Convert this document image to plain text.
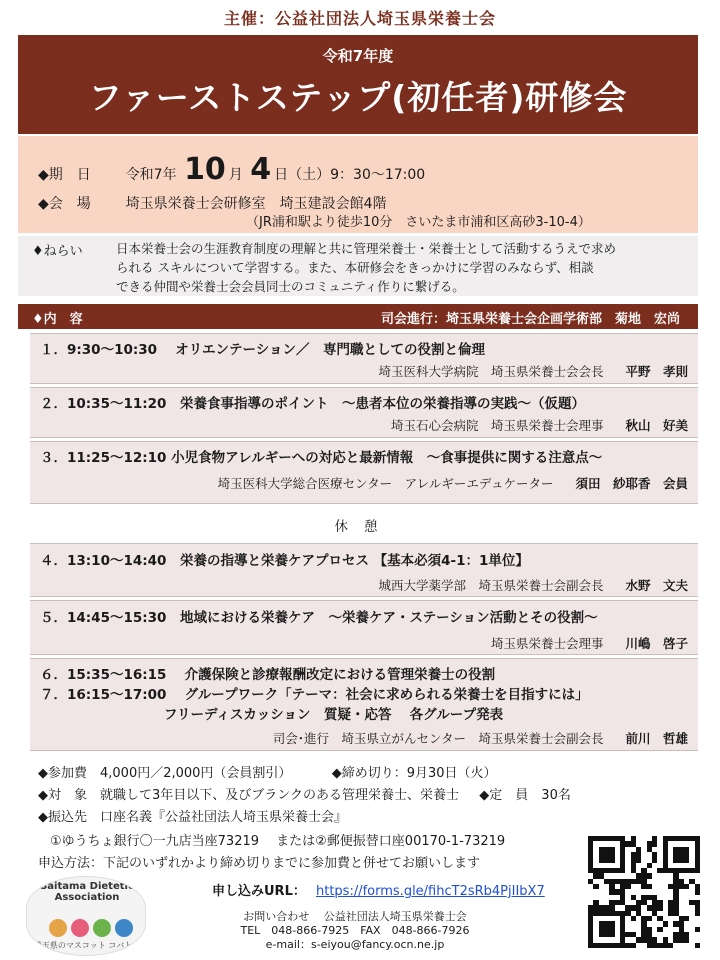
主催：公益社団法人埼玉県栄養士会
令和7年度
ファーストステップ(初任者)研修会
◆期　日 令和7年 10 月 4 日（土）9：30～17:00
◆会　場 埼玉県栄養士会研修室　埼玉建設会館4階
（JR浦和駅より徒歩10分　さいたま市浦和区高砂3-10-4）
♦ねらい	日本栄養士会の生涯教育制度の理解と共に管理栄養士・栄養士として活動するうえで求め
られる スキルについて学習する。また、本研修会をきっかけに学習のみならず、相談
できる仲間や栄養士会会員同士のコミュニティ作りに繋げる。
♦内　容	司会進行：埼玉県栄養士会企画学術部　菊地　宏尚
１．9:30～10:30　 オリエンテーション／　専門職としての役割と倫理
埼玉医科大学病院　埼玉県栄養士会会長 平野　孝則
２．10:35～11:20　栄養食事指導のポイント　～患者本位の栄養指導の実践～（仮題）
埼玉石心会病院　埼玉県栄養士会理事 秋山　好美
３．11:25～12:10 小児食物アレルギーへの対応と最新情報　～食事提供に関する注意点～
埼玉医科大学総合医療センター　アレルギーエデュケーター 須田　紗耶香　会員
休憩
４．13:10～14:40　栄養の指導と栄養ケアプロセス 【基本必須4-1：1単位】
城西大学薬学部　埼玉県栄養士会副会長 水野　文夫
５．14:45～15:30　地域における栄養ケア　～栄養ケア・ステーション活動とその役割～
埼玉県栄養士会理事 川嶋　啓子
６．15:35～16:15　 介護保険と診療報酬改定における管理栄養士の役割
７．16:15～17:00　 グループワーク「テーマ：社会に求められる栄養士を目指すには」
フリーディスカッション　質疑・応答　 各グループ発表
司会･進行　埼玉県立がんセンター　埼玉県栄養士会副会長 前川　哲雄
◆参加費　4,000円／2,000円（会員割引）	◆締め切り：9月30日（火）
◆対　象　就職して3年目以下、及びブランクのある管理栄養士、栄養士 ◆定　員　30名
◆振込先　口座名義『公益社団法人埼玉県栄養士会』
①ゆうちょ銀行〇一九店当座73219　 または②郵便振替口座00170-1-73219
申込方法：下記のいずれかより締め切りまでに参加費と併せてお願いします
Saitama Dietetic Association
埼玉県のマスコット コバトン
申し込みURL： https://forms.gle/fihcT2sRb4PjIIbX7
お問い合わせ　 公益社団法人埼玉県栄養士会
TEL　048-866-7925　FAX　048-866-7926
e-mail：s-eiyou@fancy.ocn.ne.jp
